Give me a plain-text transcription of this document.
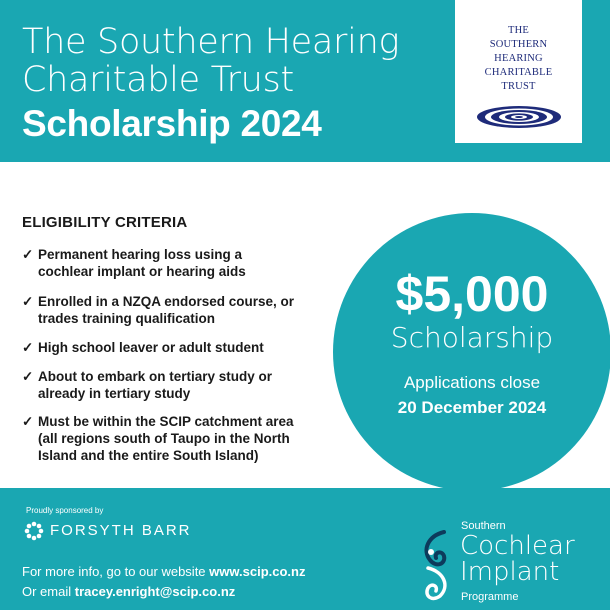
The Southern Hearing
Charitable Trust
Scholarship 2024
THE
SOUTHERN
HEARING
CHARITABLE
TRUST
ELIGIBILITY CRITERIA
✓ Permanent hearing loss using a
cochlear implant or hearing aids
✓ Enrolled in a NZQA endorsed course, or
trades training qualification
✓ High school leaver or adult student
✓ About to embark on tertiary study or
already in tertiary study
✓ Must be within the SCIP catchment area
(all regions south of Taupo in the North
Island and the entire South Island)
$5,000
Scholarship
Applications close
20 December 2024
Proudly sponsored by
FORSYTH BARR
For more info, go to our website www.scip.co.nz
Or email tracey.enright@scip.co.nz
Southern
Cochlear
Implant
Programme
